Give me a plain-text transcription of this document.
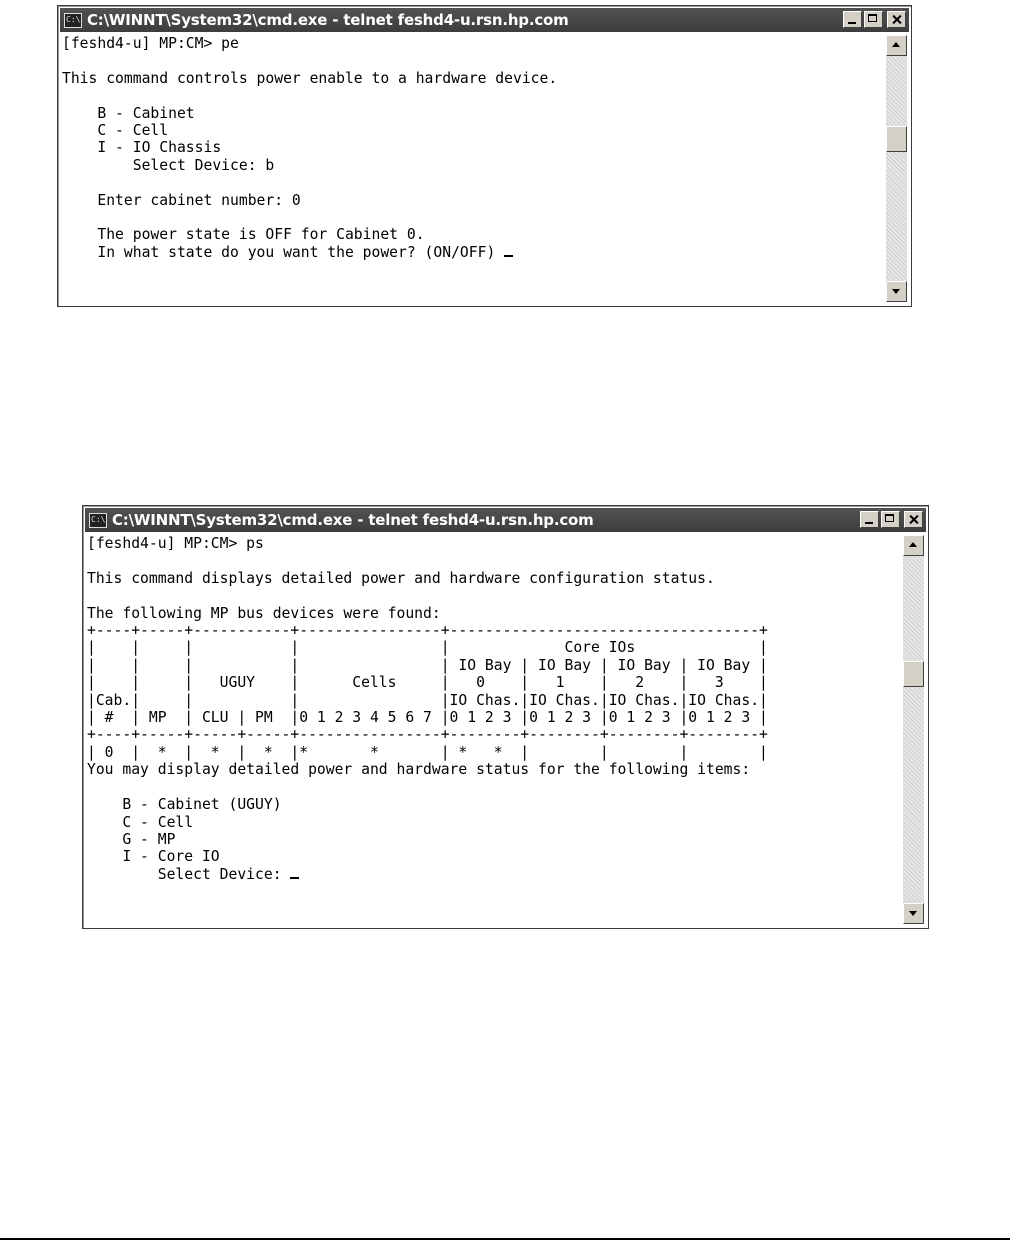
C:\ C:\WINNT\System32\cmd.exe - telnet feshd4-u.rsn.hp.com
[feshd4-u] MP:CM> pe

This command controls power enable to a hardware device.

B - Cabinet
C - Cell
I - IO Chassis
Select Device: b

Enter cabinet number: 0

The power state is OFF for Cabinet 0.
In what state do you want the power? (ON/OFF)
C:\ C:\WINNT\System32\cmd.exe - telnet feshd4-u.rsn.hp.com
[feshd4-u] MP:CM> ps

This command displays detailed power and hardware configuration status.

The following MP bus devices were found:
+----+-----+-----------+----------------+-----------------------------------+
|    |     |           |                |             Core IOs              |
|    |     |           |                | IO Bay | IO Bay | IO Bay | IO Bay |
|    |     |   UGUY    |      Cells     |   0    |   1    |   2    |   3    |
|Cab.|     |           |                |IO Chas.|IO Chas.|IO Chas.|IO Chas.|
| #  | MP  | CLU | PM  |0 1 2 3 4 5 6 7 |0 1 2 3 |0 1 2 3 |0 1 2 3 |0 1 2 3 |
+----+-----+-----+-----+----------------+--------+--------+--------+--------+
| 0  |  *  |  *  |  *  |*       *       | *   *  |        |        |        |
You may display detailed power and hardware status for the following items:

B - Cabinet (UGUY)
C - Cell
G - MP
I - Core IO
Select Device:
